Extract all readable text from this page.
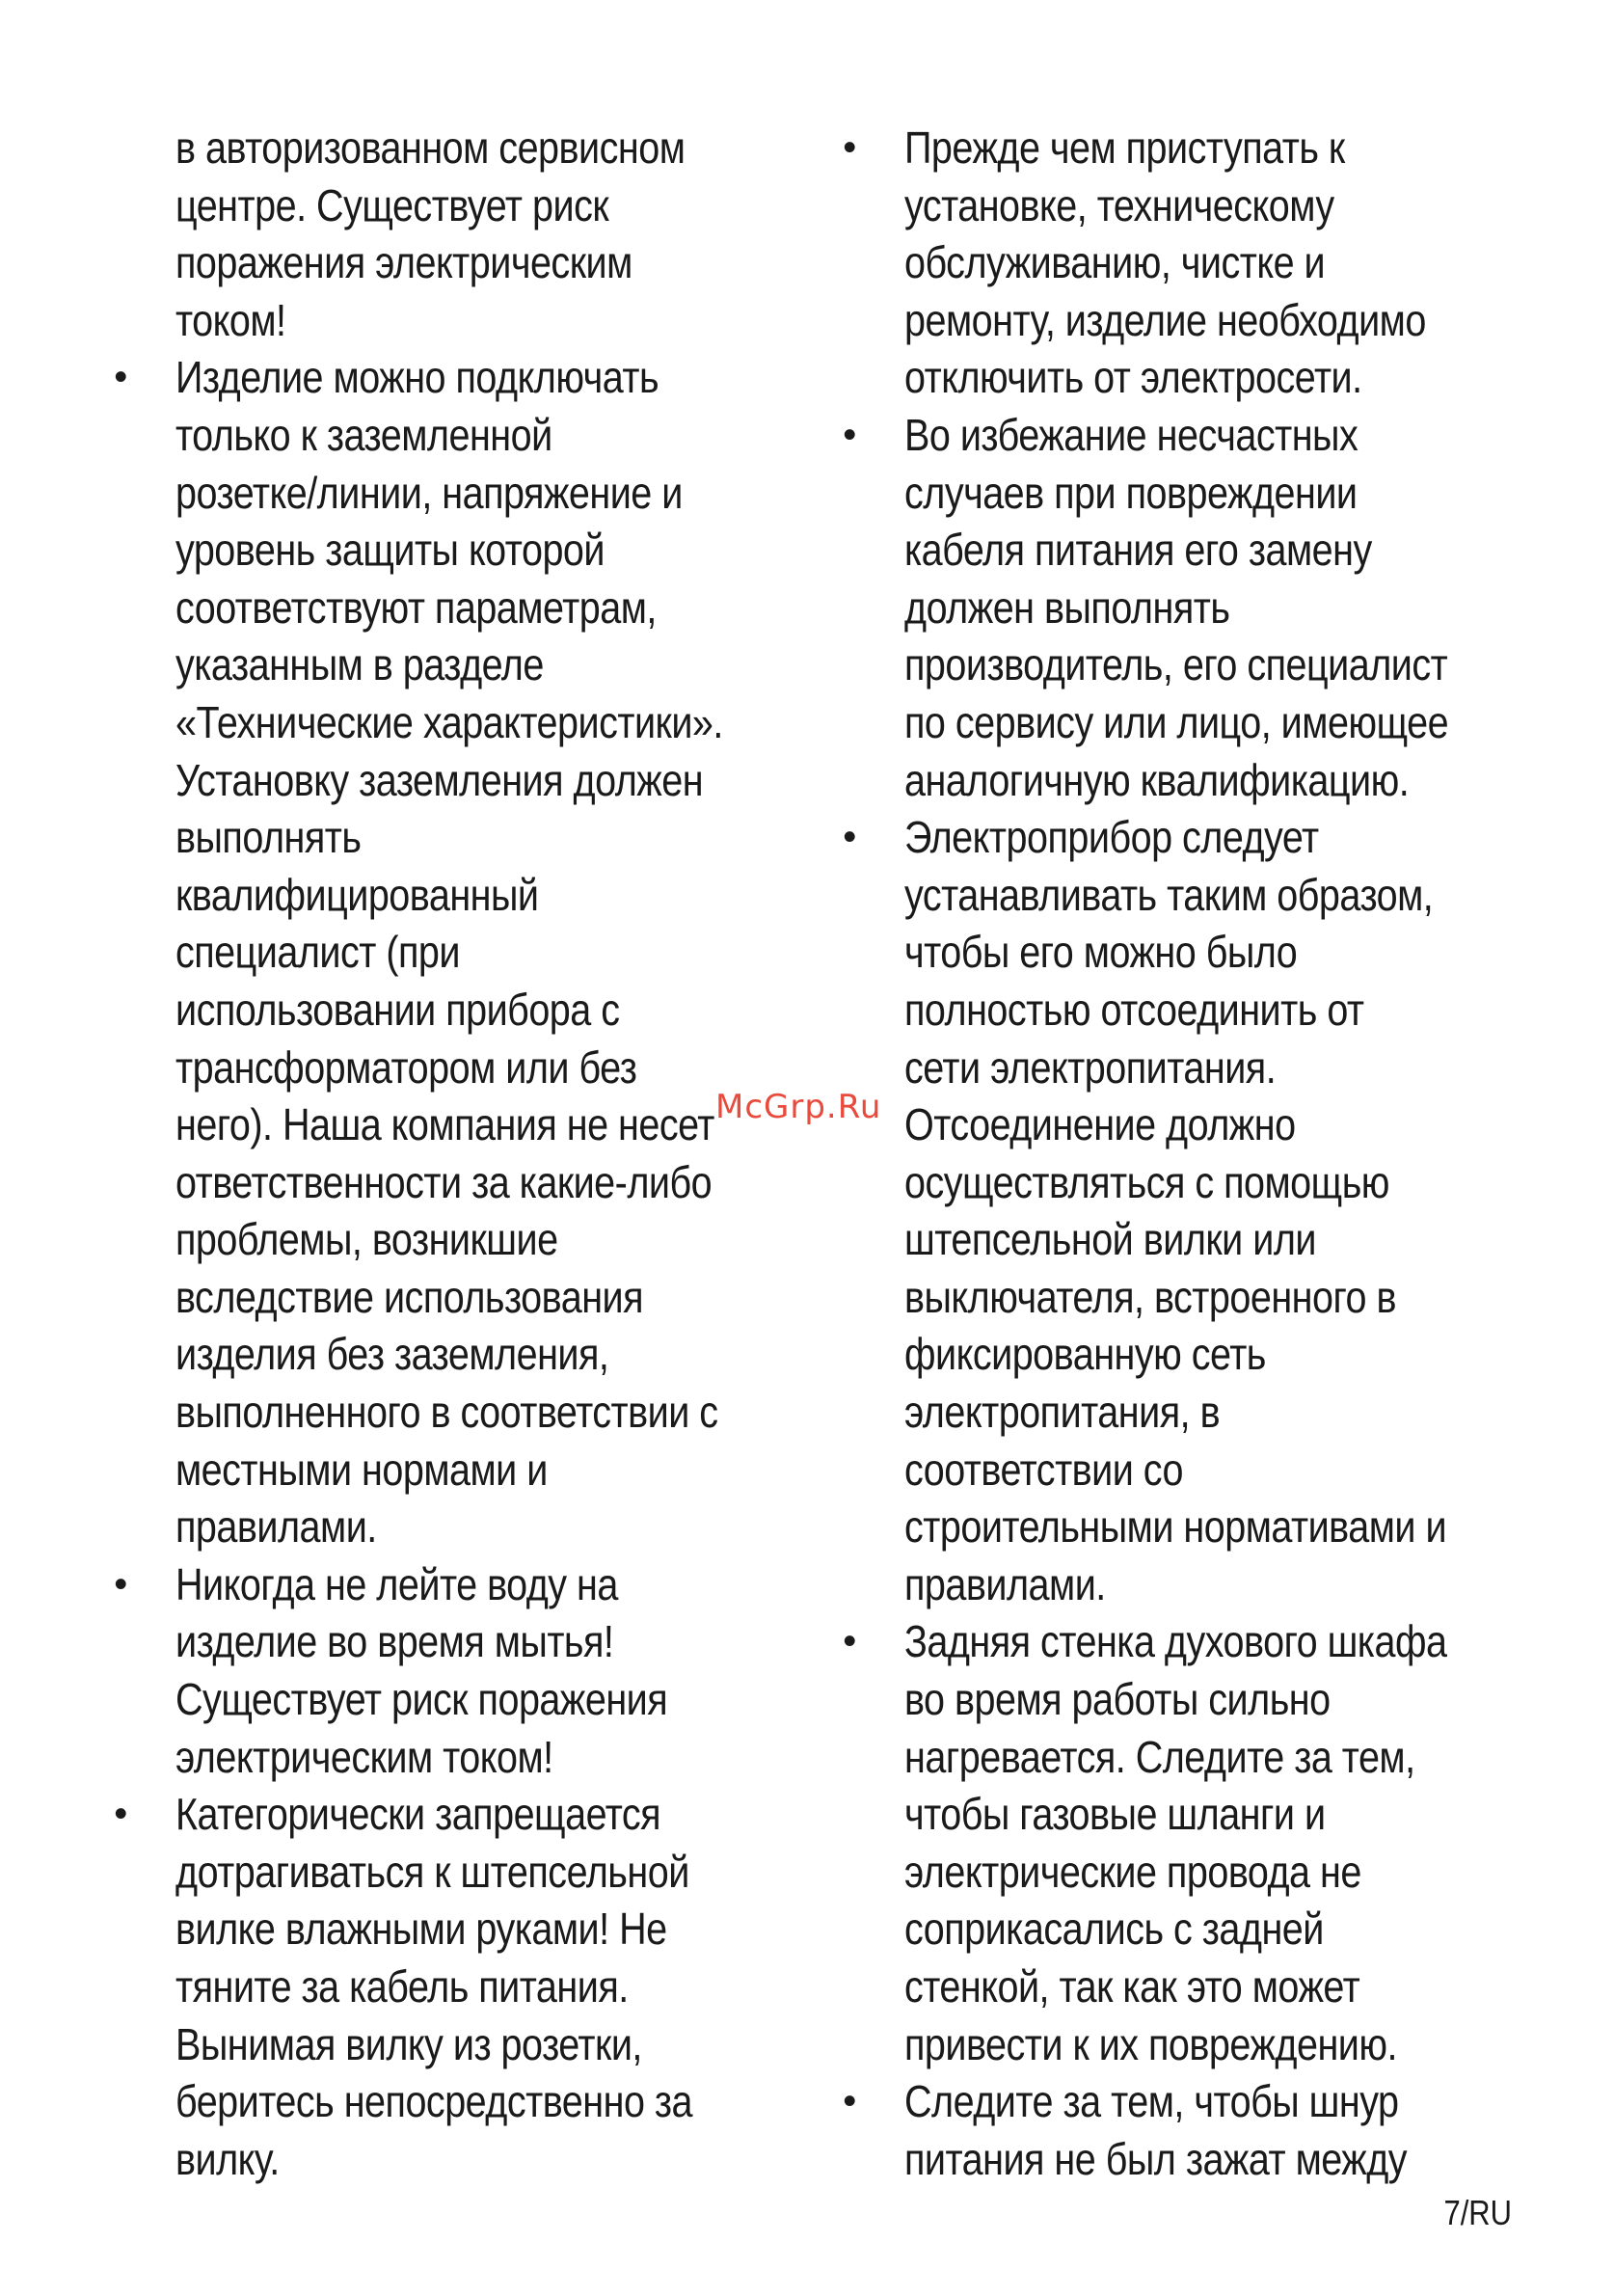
в авторизованном сервисном
центре. Существует риск
поражения электрическим
током!
• Изделие можно подключать
только к заземленной
розетке/линии, напряжение и
уровень защиты которой
соответствуют параметрам,
указанным в разделе
«Технические характеристики».
Установку заземления должен
выполнять
квалифицированный
специалист (при
использовании прибора с
трансформатором или без
него). Наша компания не несет
ответственности за какие-либо
проблемы, возникшие
вследствие использования
изделия без заземления,
выполненного в соответствии с
местными нормами и
правилами.
• Никогда не лейте воду на
изделие во время мытья!
Существует риск поражения
электрическим током!
• Категорически запрещается
дотрагиваться к штепсельной
вилке влажными руками! Не
тяните за кабель питания.
Вынимая вилку из розетки,
беритесь непосредственно за
вилку.
• Прежде чем приступать к
установке, техническому
обслуживанию, чистке и
ремонту, изделие необходимо
отключить от электросети.
• Во избежание несчастных
случаев при повреждении
кабеля питания его замену
должен выполнять
производитель, его специалист
по сервису или лицо, имеющее
аналогичную квалификацию.
• Электроприбор следует
устанавливать таким образом,
чтобы его можно было
полностью отсоединить от
сети электропитания.
Отсоединение должно
осуществляться с помощью
штепсельной вилки или
выключателя, встроенного в
фиксированную сеть
электропитания, в
соответствии со
строительными нормативами и
правилами.
• Задняя стенка духового шкафа
во время работы сильно
нагревается. Следите за тем,
чтобы газовые шланги и
электрические провода не
соприкасались с задней
стенкой, так как это может
привести к их повреждению.
• Следите за тем, чтобы шнур
питания не был зажат между
McGrp.Ru
7/RU
